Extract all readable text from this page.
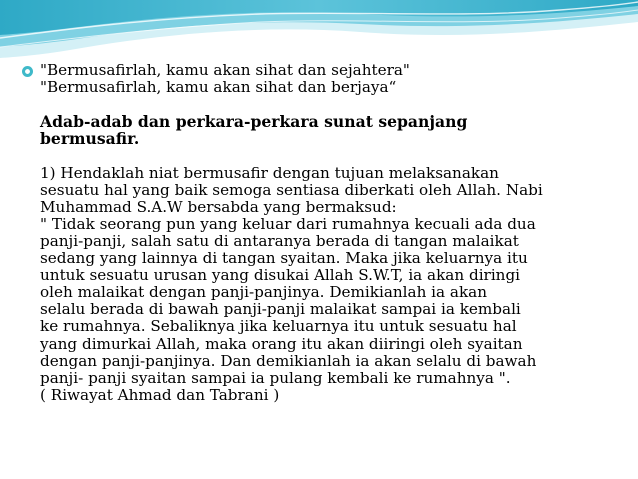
"Bermusafirlah, kamu akan sihat dan sejahtera"
"Bermusafirlah, kamu akan sihat dan berjaya“
Adab-adab dan perkara-perkara sunat sepanjang
bermusafir.
1) Hendaklah niat bermusafir dengan tujuan melaksanakan
sesuatu hal yang baik semoga sentiasa diberkati oleh Allah. Nabi
Muhammad S.A.W bersabda yang bermaksud:
" Tidak seorang pun yang keluar dari rumahnya kecuali ada dua
panji-panji, salah satu di antaranya berada di tangan malaikat
sedang yang lainnya di tangan syaitan. Maka jika keluarnya itu
untuk sesuatu urusan yang disukai Allah S.W.T, ia akan diringi
oleh malaikat dengan panji-panjinya. Demikianlah ia akan
selalu berada di bawah panji-panji malaikat sampai ia kembali
ke rumahnya. Sebaliknya jika keluarnya itu untuk sesuatu hal
yang dimurkai Allah, maka orang itu akan diiringi oleh syaitan
dengan panji-panjinya. Dan demikianlah ia akan selalu di bawah
panji- panji syaitan sampai ia pulang kembali ke rumahnya ".
( Riwayat Ahmad dan Tabrani )
